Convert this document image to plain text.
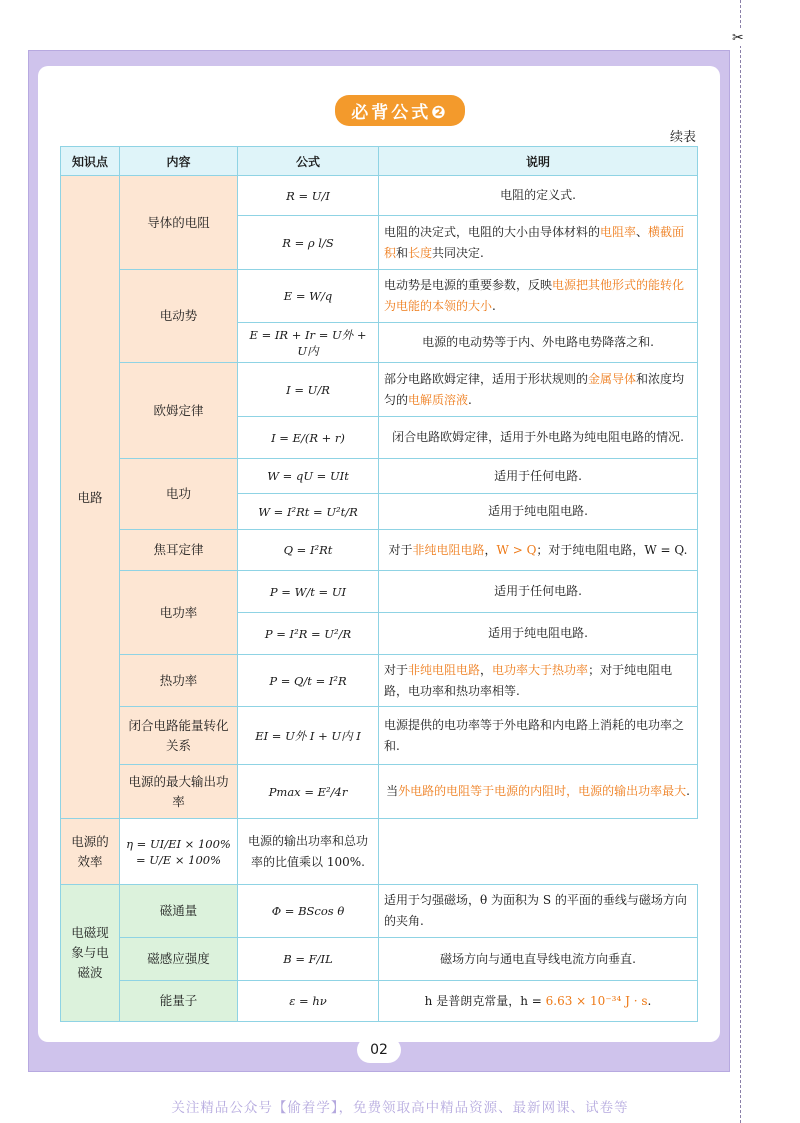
✂
必背公式❷
续表
知识点	内容	公式	说明
电路	导体的电阻	R = U/I	电阻的定义式.
		R = ρ l/S	电阻的决定式，电阻的大小由导体材料的电阻率、横截面积和长度共同决定.
	电动势	E = W/q	电动势是电源的重要参数，反映电源把其他形式的能转化为电能的本领的大小.
		E = IR + Ir = U外 + U内	电源的电动势等于内、外电路电势降落之和.
	欧姆定律	I = U/R	部分电路欧姆定律，适用于形状规则的金属导体和浓度均匀的电解质溶液.
		I = E/(R + r)	闭合电路欧姆定律，适用于外电路为纯电阻电路的情况.
	电功	W = qU = UIt	适用于任何电路.
		W = I²Rt = U²t/R	适用于纯电阻电路.
	焦耳定律	Q = I²Rt	对于非纯电阻电路，W > Q；对于纯电阻电路，W = Q.
	电功率	P = W/t = UI	适用于任何电路.
		P = I²R = U²/R	适用于纯电阻电路.
	热功率	P = Q/t = I²R	对于非纯电阻电路，电功率大于热功率；对于纯电阻电路，电功率和热功率相等.
	闭合电路能量转化关系	EI = U外 I + U内 I	电源提供的电功率等于外电路和内电路上消耗的电功率之和.
	电源的最大输出功率	Pmax = E²/4r	当外电路的电阻等于电源的内阻时，电源的输出功率最大.
电源的效率	η = UI/EI × 100% = U/E × 100%	电源的输出功率和总功率的比值乘以 100%.	
电磁现象与电磁波	磁通量	Φ = BScos θ	适用于匀强磁场，θ 为面积为 S 的平面的垂线与磁场方向的夹角.
	磁感应强度	B = F/IL	磁场方向与通电直导线电流方向垂直.
	能量子	ε = hν	h 是普朗克常量，h = 6.63 × 10⁻³⁴ J · s.
02
关注精品公众号【偷着学】，免费领取高中精品资源、最新网课、试卷等
